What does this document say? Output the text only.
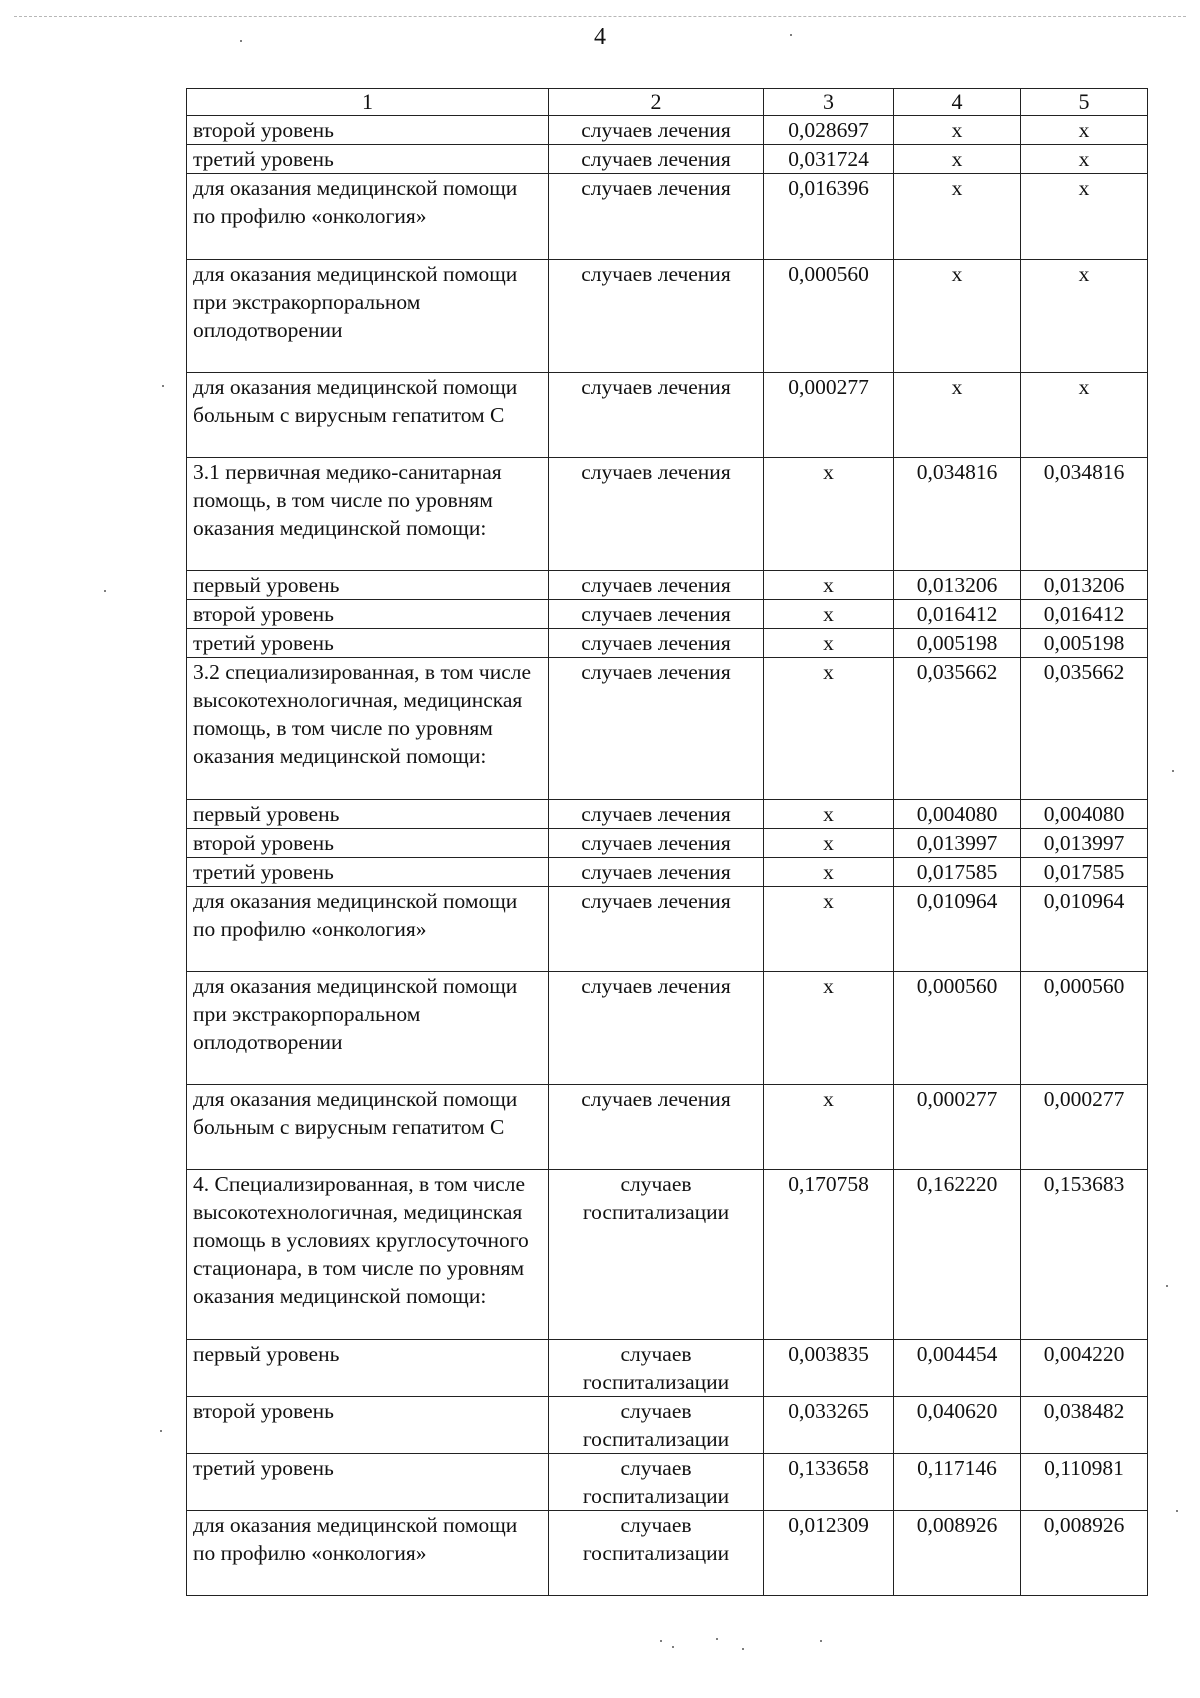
4
1	2	3	4	5
второй уровень	случаев лечения	0,028697	х	х
третий уровень	случаев лечения	0,031724	х	х
для оказания медицинской помощи по профилю «онкология»	случаев лечения	0,016396	х	х
для оказания медицинской помощи при экстракорпоральном оплодотворении	случаев лечения	0,000560	х	х
для оказания медицинской помощи больным с вирусным гепатитом С	случаев лечения	0,000277	х	х
3.1 первичная медико-санитарная помощь, в том числе по уровням оказания медицинской помощи:	случаев лечения	х	0,034816	0,034816
первый уровень	случаев лечения	х	0,013206	0,013206
второй уровень	случаев лечения	х	0,016412	0,016412
третий уровень	случаев лечения	х	0,005198	0,005198
3.2 специализированная, в том числе высокотехнологичная, медицинская помощь, в том числе по уровням оказания медицинской помощи:	случаев лечения	х	0,035662	0,035662
первый уровень	случаев лечения	х	0,004080	0,004080
второй уровень	случаев лечения	х	0,013997	0,013997
третий уровень	случаев лечения	х	0,017585	0,017585
для оказания медицинской помощи по профилю «онкология»	случаев лечения	х	0,010964	0,010964
для оказания медицинской помощи при экстракорпоральном оплодотворении	случаев лечения	х	0,000560	0,000560
для оказания медицинской помощи больным с вирусным гепатитом С	случаев лечения	х	0,000277	0,000277
4. Специализированная, в том числе высокотехнологичная, медицинская помощь в условиях круглосуточного стационара, в том числе по уровням оказания медицинской помощи:	случаев госпитализации	0,170758	0,162220	0,153683
первый уровень	случаев госпитализации	0,003835	0,004454	0,004220
второй уровень	случаев госпитализации	0,033265	0,040620	0,038482
третий уровень	случаев госпитализации	0,133658	0,117146	0,110981
для оказания медицинской помощи по профилю «онкология»	случаев госпитализации	0,012309	0,008926	0,008926
